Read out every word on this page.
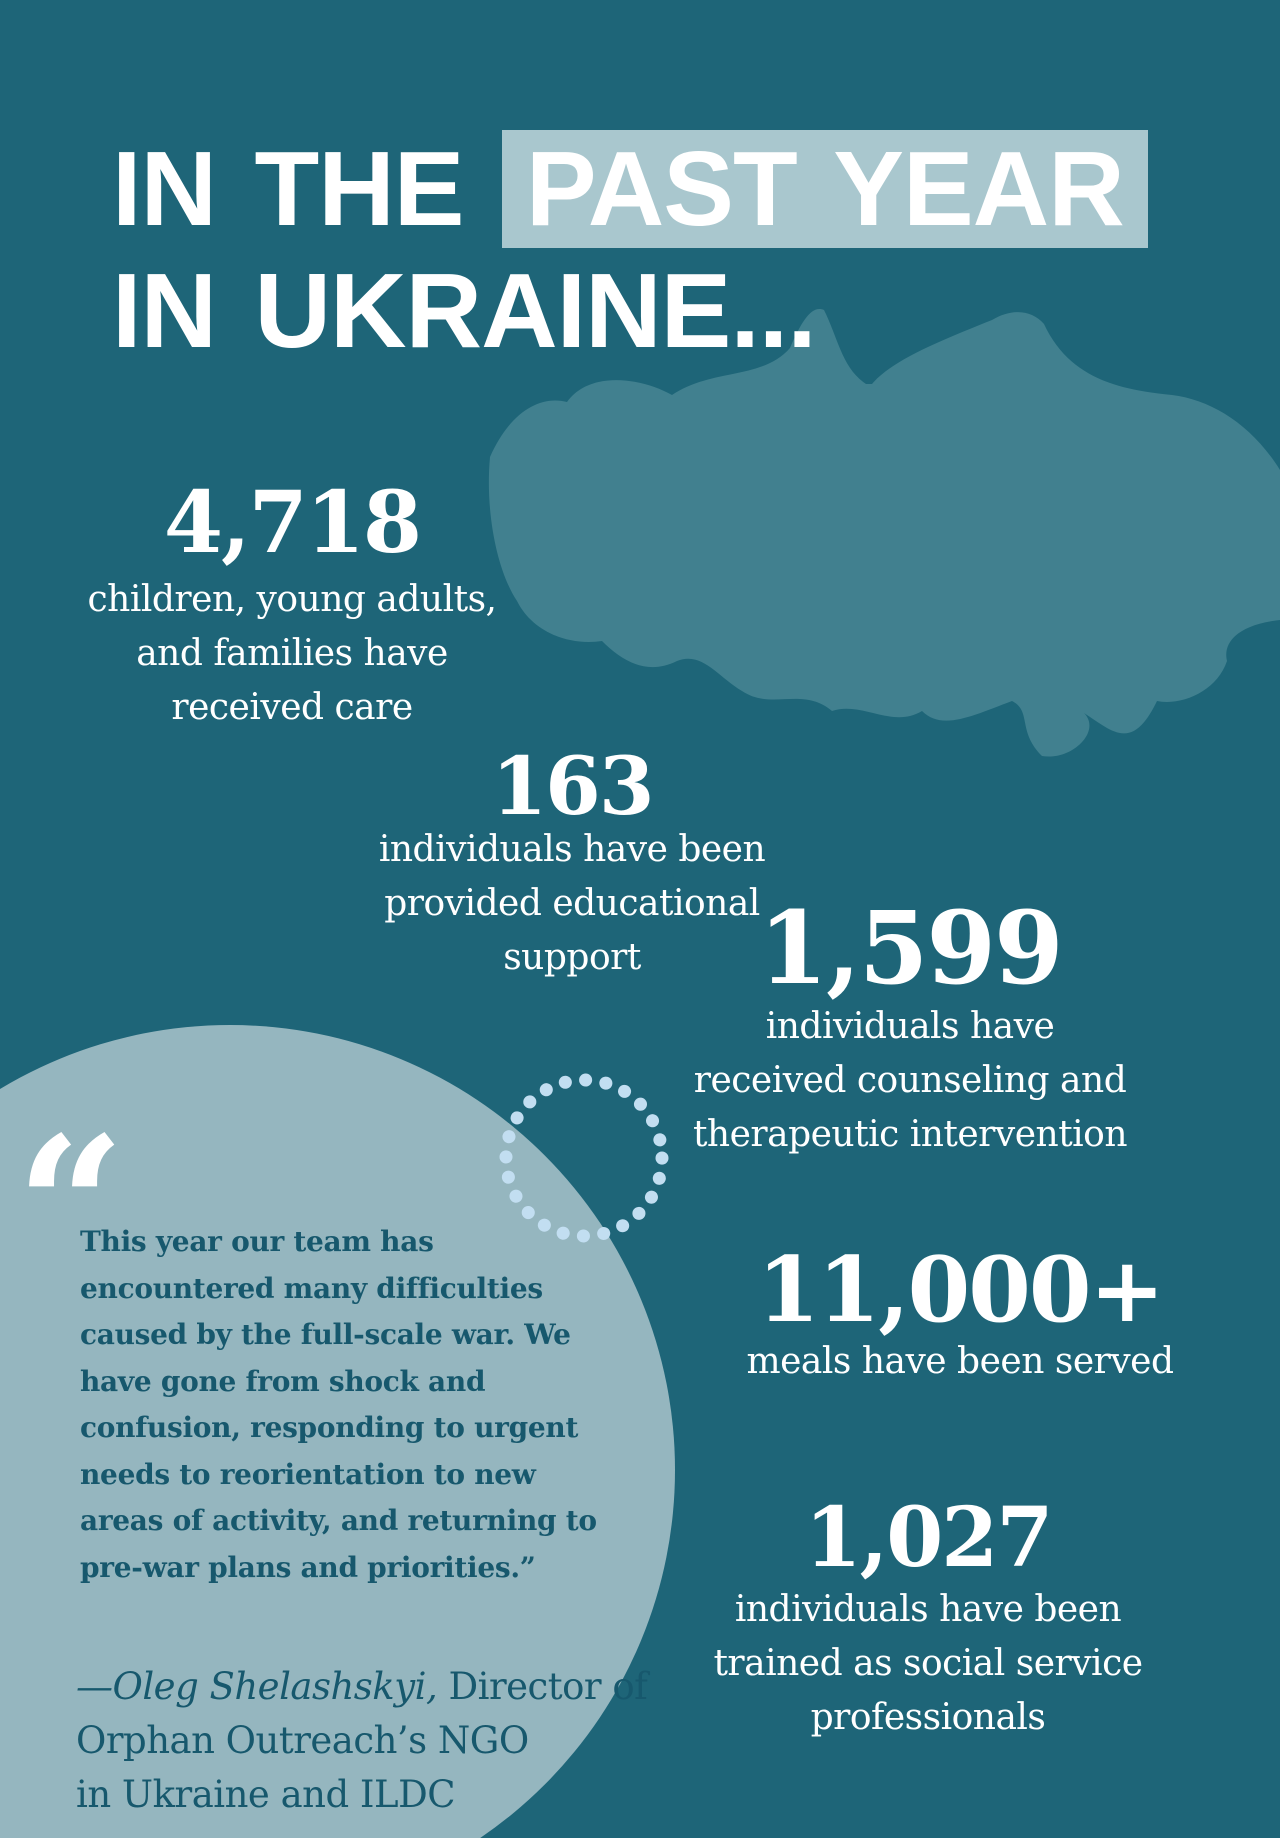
IN THE PAST YEAR
IN UKRAINE...
4,718
children, young adults,
and families have
received care
163
individuals have been
provided educational
support	1,599
individuals have
received counseling and
therapeutic intervention
11,000+
meals have been served
1,027
individuals have been
trained as social service
professionals
“
This year our team has
encountered many difficulties
caused by the full-scale war. We
have gone from shock and
confusion, responding to urgent
needs to reorientation to new
areas of activity, and returning to
pre-war plans and priorities.”
—Oleg Shelashskyi, Director of
Orphan Outreach’s NGO
in Ukraine and ILDC
